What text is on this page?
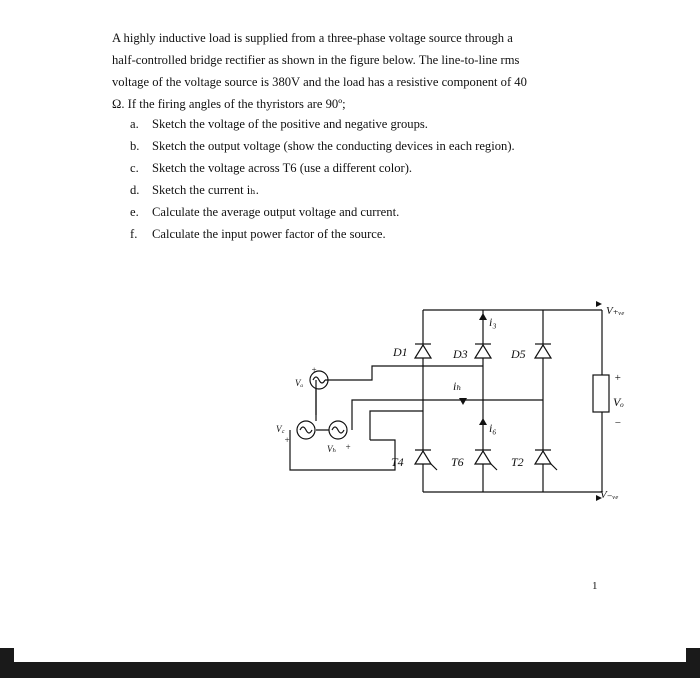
A highly inductive load is supplied from a three-phase voltage source through a
half-controlled bridge rectifier as shown in the figure below. The line-to-line rms
voltage of the voltage source is 380V and the load has a resistive component of 40
Ω. If the firing angles of the thyristors are 90º;
a. Sketch the voltage of the positive and negative groups.
b. Sketch the output voltage (show the conducting devices in each region).
c. Sketch the voltage across T6 (use a different color).
d. Sketch the current iₕ.
e. Calculate the average output voltage and current.
f. Calculate the input power factor of the source.
D1	D3	D5
T4	T6	T2
i₃
iₕ
i₆
Vₐ
Vₕ
V꜀
V₊ᵥₑ
V₋ᵥₑ
Vₒ
+
−
+
+
+
1
